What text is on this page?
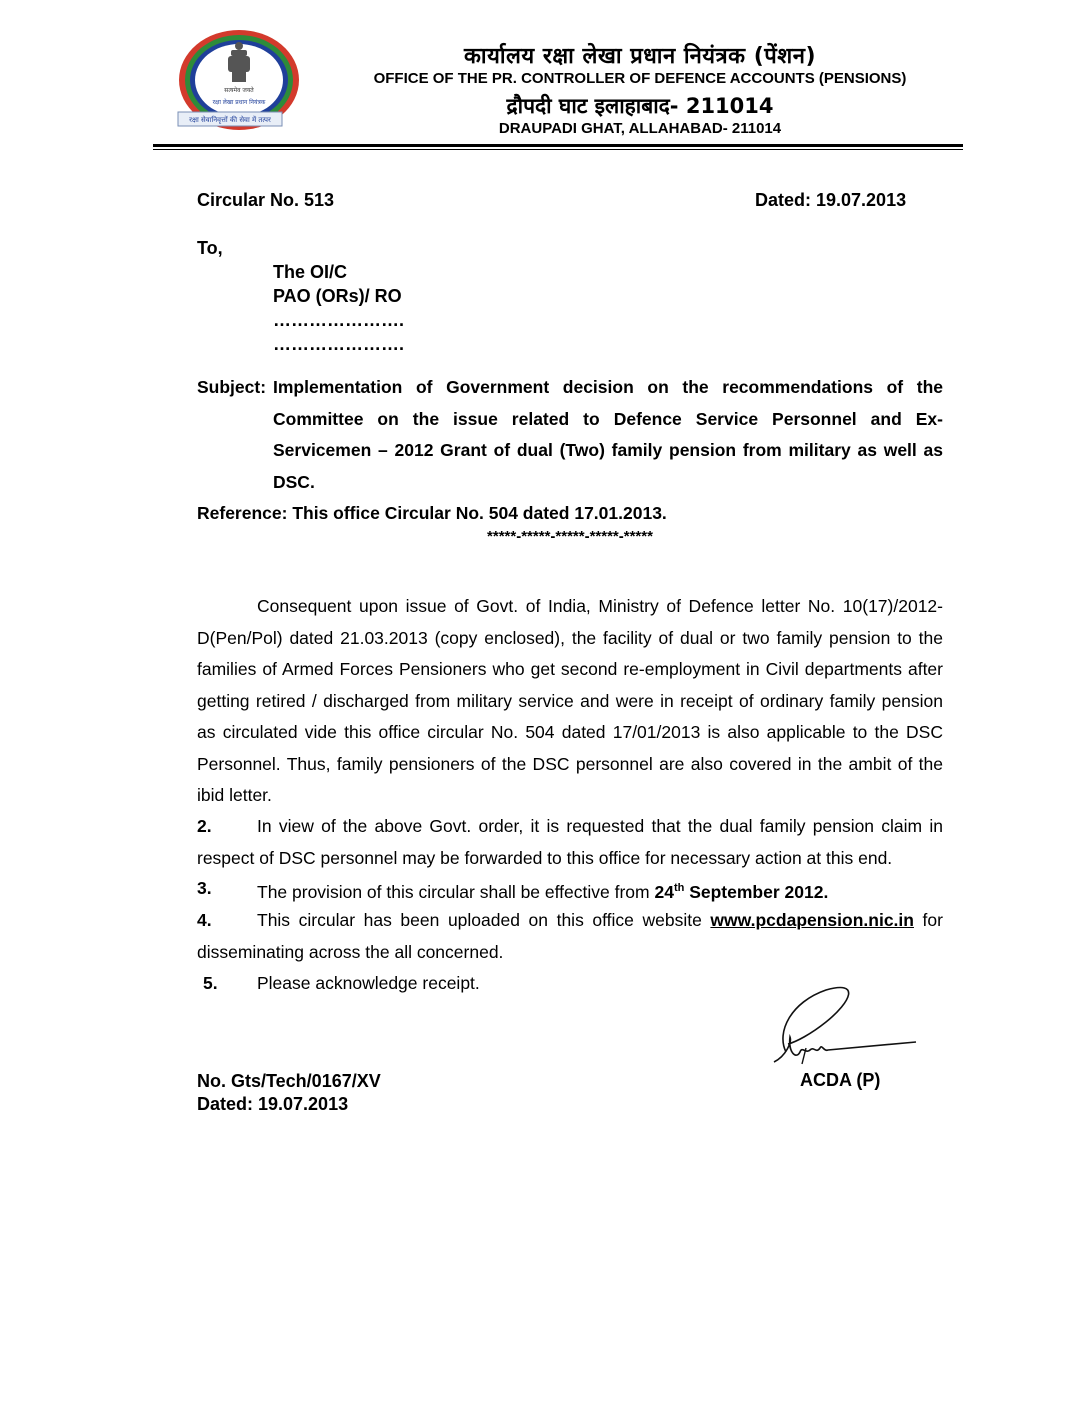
सत्यमेव जयते
रक्षा सेवानिवृत्तों की सेवा में तत्पर
रक्षा लेखा प्रधान नियंत्रक
कार्यालय रक्षा लेखा प्रधान नियंत्रक (पेंशन)
OFFICE OF THE PR. CONTROLLER OF DEFENCE ACCOUNTS (PENSIONS)
द्रौपदी घाट इलाहाबाद- 211014
DRAUPADI GHAT, ALLAHABAD- 211014
Circular No. 513	Dated: 19.07.2013
To,
The OI/C
PAO (ORs)/ RO
………………….
………………….
Subject: Implementation of Government decision on the recommendations of the Committee on the issue related to Defence Service Personnel and Ex-Servicemen – 2012 Grant of dual (Two) family pension from military as well as DSC.
Reference: This office Circular No. 504 dated 17.01.2013.
*****-*****-*****-*****-*****
Consequent upon issue of Govt. of India, Ministry of Defence letter No. 10(17)/2012-D(Pen/Pol) dated 21.03.2013 (copy enclosed), the facility of dual or two family pension to the families of Armed Forces Pensioners who get second re-employment in Civil departments after getting retired / discharged from military service and were in receipt of ordinary family pension as circulated vide this office circular No. 504 dated 17/01/2013 is also applicable to the DSC Personnel. Thus, family pensioners of the DSC personnel are also covered in the ambit of the ibid letter.
2.	In view of the above Govt. order, it is requested that the dual family pension claim in respect of DSC personnel may be forwarded to this office for necessary action at this end.
3.	The provision of this circular shall be effective from 24th September 2012.
4.	This circular has been uploaded on this office website www.pcdapension.nic.in for disseminating across the all concerned.
5.	Please acknowledge receipt.
No. Gts/Tech/0167/XV
Dated: 19.07.2013
ACDA (P)
